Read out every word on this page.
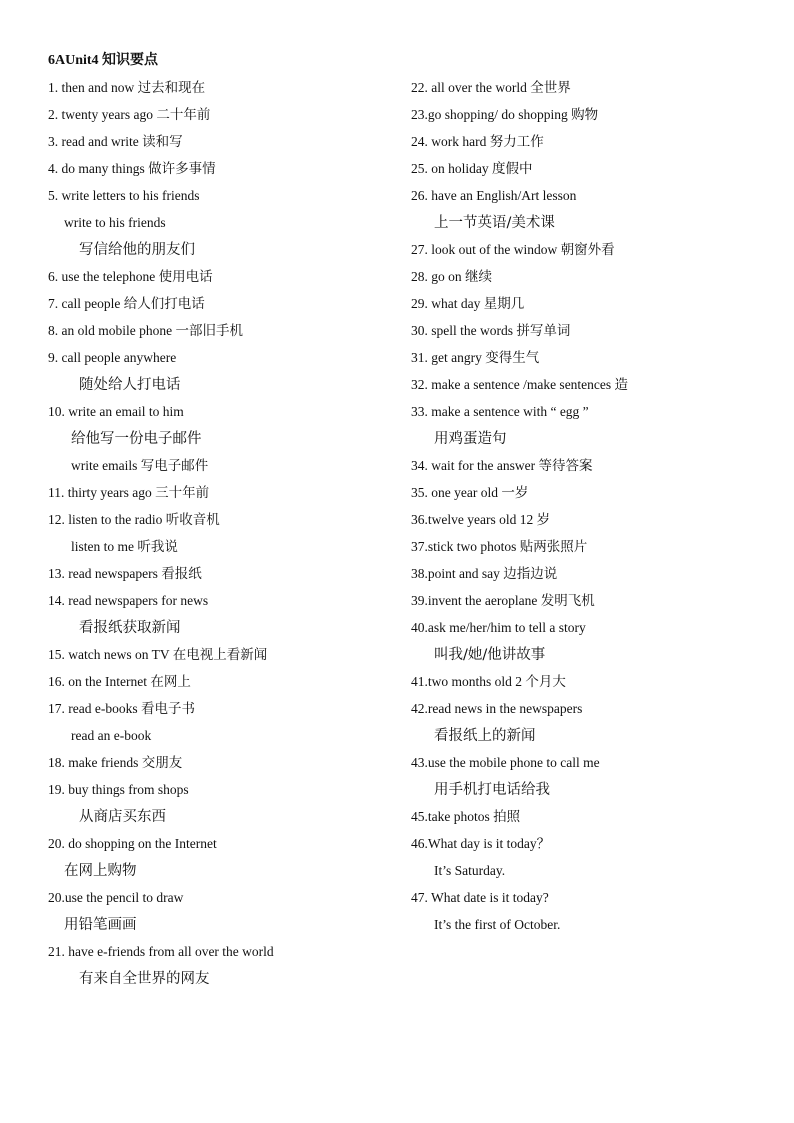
6AUnit4 知识要点
1. then and now 过去和现在
2. twenty years ago 二十年前
3. read and write 读和写
4. do many things 做许多事情
5. write letters to his friends
write to his friends
写信给他的朋友们
6. use the telephone 使用电话
7. call people 给人们打电话
8. an old mobile phone 一部旧手机
9. call people anywhere
随处给人打电话
10. write an email to him
给他写一份电子邮件
write emails 写电子邮件
11. thirty years ago 三十年前
12. listen to the radio 听收音机
listen to me 听我说
13. read newspapers 看报纸
14. read newspapers for news
看报纸获取新闻
15. watch news on TV 在电视上看新闻
16. on the Internet 在网上
17. read e-books 看电子书
read an e-book
18. make friends 交朋友
19. buy things from shops
从商店买东西
20. do shopping on the Internet
在网上购物
20.use the pencil to draw
用铅笔画画
21. have e-friends from all over the world
有来自全世界的网友
22. all over the world 全世界
23.go shopping/ do shopping 购物
24. work hard 努力工作
25. on holiday 度假中
26. have an English/Art lesson
上一节英语/美术课
27. look out of the window 朝窗外看
28. go on 继续
29. what day 星期几
30. spell the words 拼写单词
31. get angry 变得生气
32. make a sentence /make sentences 造
33. make a sentence with “ egg ”
用鸡蛋造句
34. wait for the answer 等待答案
35. one year old 一岁
36.twelve years old 12 岁
37.stick two photos 贴两张照片
38.point and say 边指边说
39.invent the aeroplane 发明飞机
40.ask me/her/him to tell a story
叫我/她/他讲故事
41.two months old 2 个月大
42.read news in the newspapers
看报纸上的新闻
43.use the mobile phone to call me
用手机打电话给我
45.take photos 拍照
46.What day is it today？
It’s Saturday.
47. What date is it today?
It’s the first of October.
